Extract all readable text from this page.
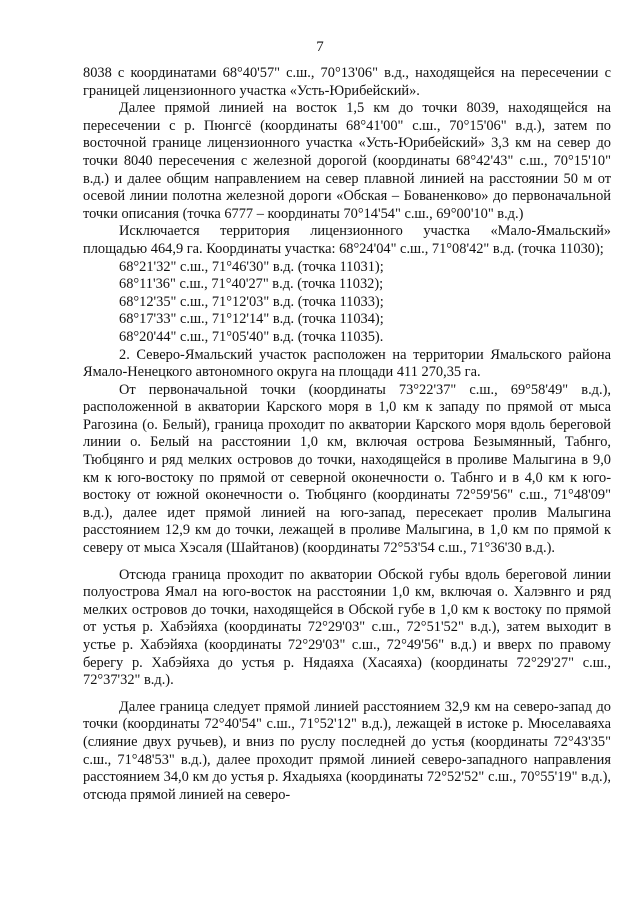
7

8038 с координатами 68°40'57" с.ш., 70°13'06" в.д., находящейся на пересечении с границей лицензионного участка «Усть-Юрибейский».

Далее прямой линией на восток 1,5 км до точки 8039, находящейся на пересечении с р. Пюнгсё (координаты 68°41'00" с.ш., 70°15'06" в.д.), затем по восточной границе лицензионного участка «Усть-Юрибейский» 3,3 км на север до точки 8040 пересечения с железной дорогой (координаты 68°42'43" с.ш., 70°15'10" в.д.) и далее общим направлением на север плавной линией на расстоянии 50 м от осевой линии полотна железной дороги «Обская – Бованенково» до первоначальной точки описания (точка 6777 – координаты 70°14'54" с.ш., 69°00'10" в.д.)

Исключается территория лицензионного участка «Мало-Ямальский» площадью 464,9 га. Координаты участка: 68°24'04" с.ш., 71°08'42" в.д. (точка 11030);

68°21'32" с.ш., 71°46'30" в.д. (точка 11031);
68°11'36" с.ш., 71°40'27" в.д. (точка 11032);
68°12'35" с.ш., 71°12'03" в.д. (точка 11033);
68°17'33" с.ш., 71°12'14" в.д. (точка 11034);
68°20'44" с.ш., 71°05'40" в.д. (точка 11035).

2. Северо-Ямальский участок расположен на территории Ямальского района Ямало-Ненецкого автономного округа на площади 411 270,35 га.

От первоначальной точки (координаты 73°22'37" с.ш., 69°58'49" в.д.), расположенной в акватории Карского моря в 1,0 км к западу по прямой от мыса Рагозина (о. Белый), граница проходит по акватории Карского моря вдоль береговой линии о. Белый на расстоянии 1,0 км, включая острова Безымянный, Табнго, Тюбцянго и ряд мелких островов до точки, находящейся в проливе Малыгина в 9,0 км к юго-востоку по прямой от северной оконечности о. Табнго и в 4,0 км к юго-востоку от южной оконечности о. Тюбцянго (координаты 72°59'56" с.ш., 71°48'09" в.д.), далее идет прямой линией на юго-запад, пересекает пролив Малыгина расстоянием 12,9 км до точки, лежащей в проливе Малыгина, в 1,0 км по прямой к северу от мыса Хэсаля (Шайтанов) (координаты 72°53'54 с.ш., 71°36'30 в.д.).

Отсюда граница проходит по акватории Обской губы вдоль береговой линии полуострова Ямал на юго-восток на расстоянии 1,0 км, включая о. Халэвнго и ряд мелких островов до точки, находящейся в Обской губе в 1,0 км к востоку по прямой от устья р. Хабэйяха (координаты 72°29'03" с.ш., 72°51'52" в.д.), затем выходит в устье р. Хабэйяха (координаты 72°29'03" с.ш., 72°49'56" в.д.) и вверх по правому берегу р. Хабэйяха до устья р. Нядаяха (Хасаяха) (координаты 72°29'27" с.ш., 72°37'32" в.д.).

Далее граница следует прямой линией расстоянием 32,9 км на северо-запад до точки (координаты 72°40'54" с.ш., 71°52'12" в.д.), лежащей в истоке р. Мюселаваяха (слияние двух ручьев), и вниз по руслу последней до устья (координаты 72°43'35" с.ш., 71°48'53" в.д.), далее проходит прямой линией северо-западного направления расстоянием 34,0 км до устья р. Яхадыяха (координаты 72°52'52" с.ш., 70°55'19" в.д.), отсюда прямой линией на северо-
